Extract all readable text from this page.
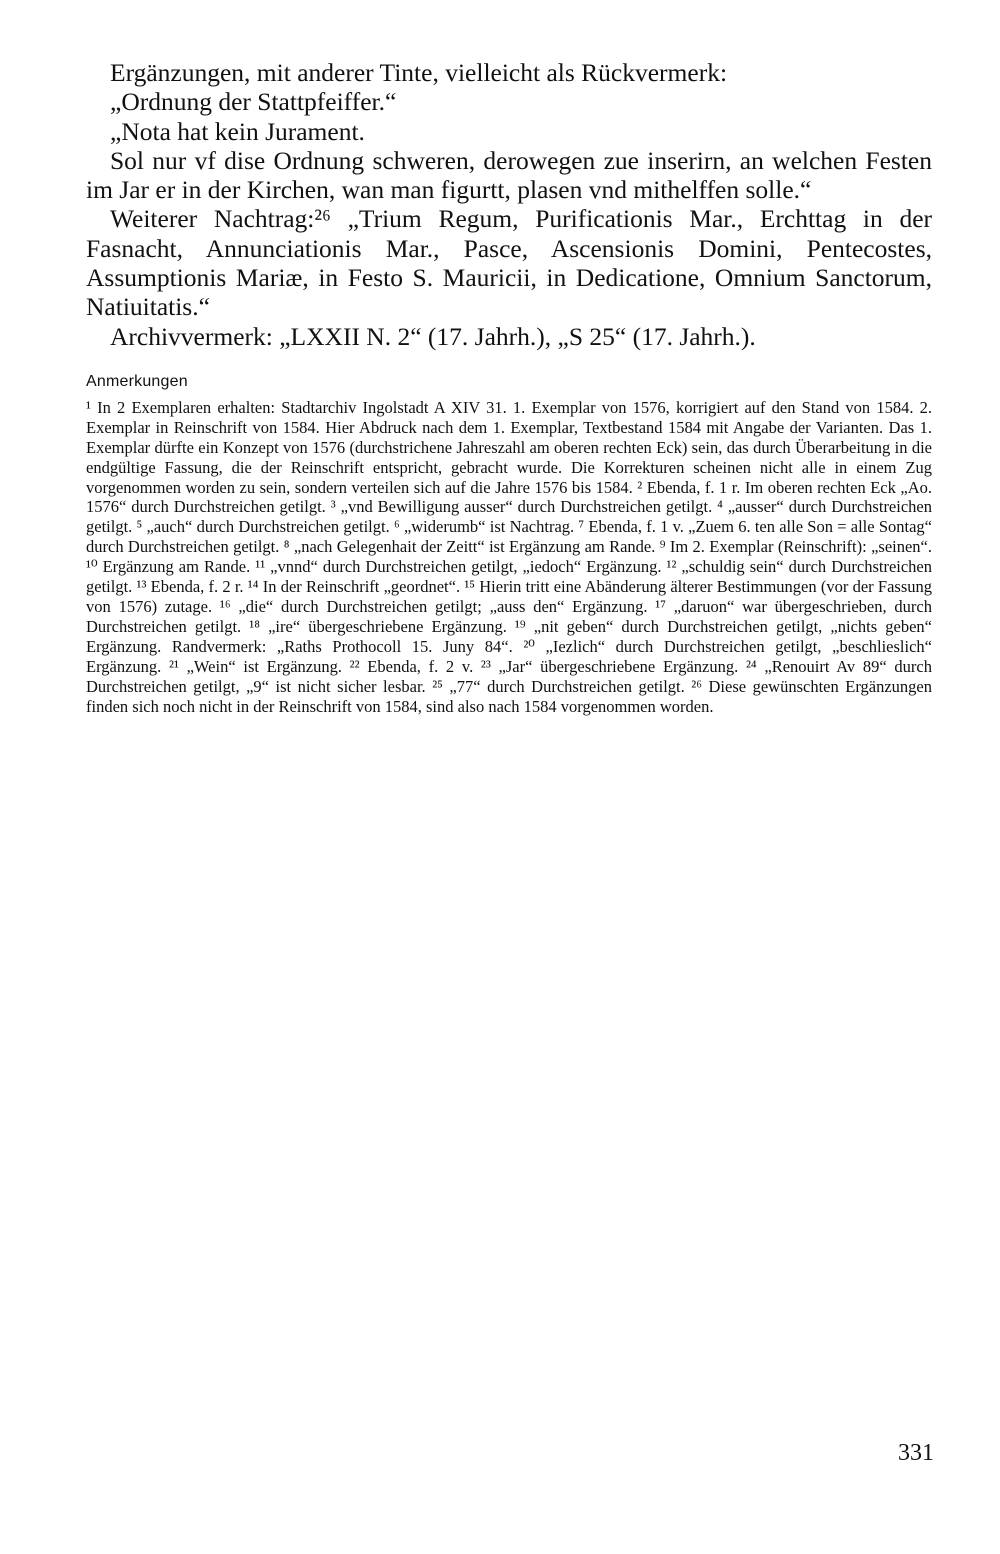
Ergänzungen, mit anderer Tinte, vielleicht als Rückvermerk:

„Ordnung der Stattpfeiffer.“

„Nota hat kein Jurament.

Sol nur vf dise Ordnung schweren, derowegen zue inserirn, an welchen Festen im Jar er in der Kirchen, wan man figurtt, plasen vnd mithelffen solle.“

Weiterer Nachtrag:²⁶ „Trium Regum, Purificationis Mar., Erchttag in der Fasnacht, Annunciationis Mar., Pasce, Ascensionis Domini, Pentecostes, Assumptionis Mariæ, in Festo S. Mauricii, in Dedicatione, Omnium Sanctorum, Natiuitatis.“

Archivvermerk: „LXXII N. 2“ (17. Jahrh.), „S 25“ (17. Jahrh.).

Anmerkungen

¹ In 2 Exemplaren erhalten: Stadtarchiv Ingolstadt A XIV 31. 1. Exemplar von 1576, korrigiert auf den Stand von 1584. 2. Exemplar in Reinschrift von 1584. Hier Abdruck nach dem 1. Exemplar, Textbestand 1584 mit Angabe der Varianten. Das 1. Exemplar dürfte ein Konzept von 1576 (durchstrichene Jahreszahl am oberen rechten Eck) sein, das durch Überarbeitung in die endgültige Fassung, die der Reinschrift entspricht, gebracht wurde. Die Korrekturen scheinen nicht alle in einem Zug vorgenommen worden zu sein, sondern verteilen sich auf die Jahre 1576 bis 1584. ² Ebenda, f. 1 r. Im oberen rechten Eck „Ao. 1576“ durch Durchstreichen getilgt. ³ „vnd Bewilligung ausser“ durch Durchstreichen getilgt. ⁴ „ausser“ durch Durchstreichen getilgt. ⁵ „auch“ durch Durchstreichen getilgt. ⁶ „widerumb“ ist Nachtrag. ⁷ Ebenda, f. 1 v. „Zuem 6. ten alle Son = alle Sontag“ durch Durchstreichen getilgt. ⁸ „nach Gelegenhait der Zeitt“ ist Ergänzung am Rande. ⁹ Im 2. Exemplar (Reinschrift): „seinen“. ¹⁰ Ergänzung am Rande. ¹¹ „vnnd“ durch Durchstreichen getilgt, „iedoch“ Ergänzung. ¹² „schuldig sein“ durch Durchstreichen getilgt. ¹³ Ebenda, f. 2 r. ¹⁴ In der Reinschrift „geordnet“. ¹⁵ Hierin tritt eine Abänderung älterer Bestimmungen (vor der Fassung von 1576) zutage. ¹⁶ „die“ durch Durchstreichen getilgt; „auss den“ Ergänzung. ¹⁷ „daruon“ war übergeschrieben, durch Durchstreichen getilgt. ¹⁸ „ire“ übergeschriebene Ergänzung. ¹⁹ „nit geben“ durch Durchstreichen getilgt, „nichts geben“ Ergänzung. Randvermerk: „Raths Prothocoll 15. Juny 84“. ²⁰ „Iezlich“ durch Durchstreichen getilgt, „beschlieslich“ Ergänzung. ²¹ „Wein“ ist Ergänzung. ²² Ebenda, f. 2 v. ²³ „Jar“ übergeschriebene Ergänzung. ²⁴ „Renouirt Av 89“ durch Durchstreichen getilgt, „9“ ist nicht sicher lesbar. ²⁵ „77“ durch Durchstreichen getilgt. ²⁶ Diese gewünschten Ergänzungen finden sich noch nicht in der Reinschrift von 1584, sind also nach 1584 vorgenommen worden.

331
